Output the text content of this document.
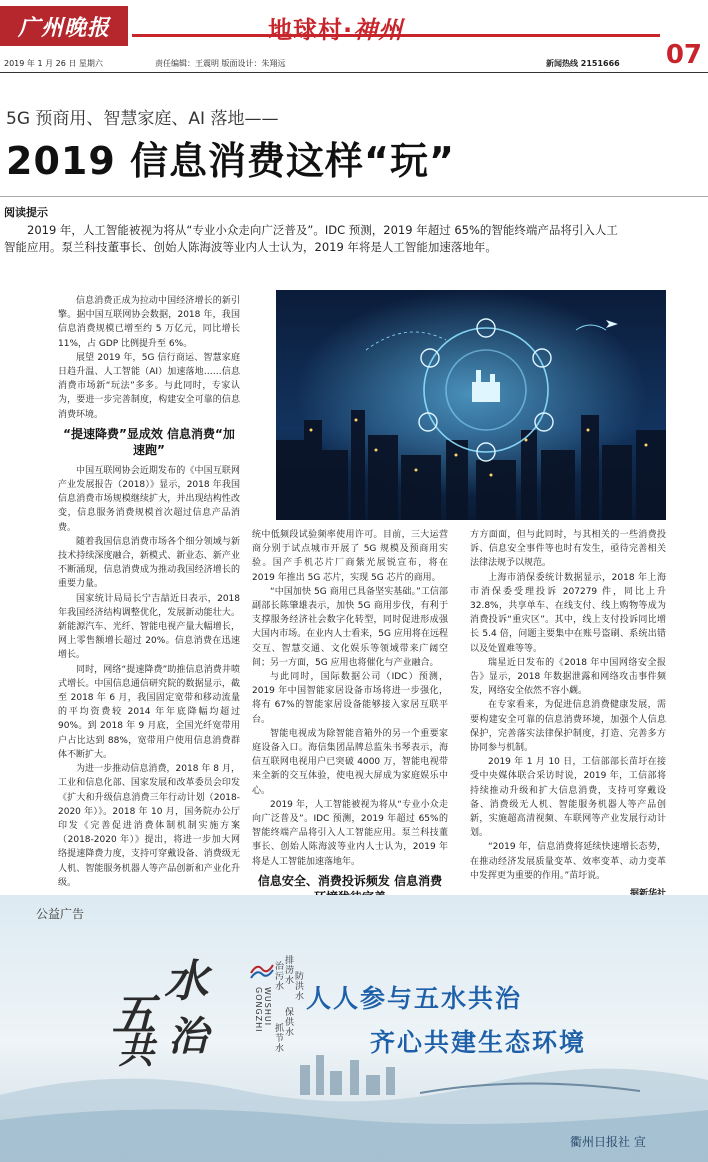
广州晚报	地球村·神州
07
2019 年 1 月 26 日 星期六	责任编辑：王震明 版面设计：朱翔远	新闻热线 2151666
5G 预商用、智慧家庭、AI 落地——
2019 信息消费这样“玩”
阅读提示
2019 年，人工智能被视为将从“专业小众走向广泛普及”。IDC 预测，2019 年超过 65%的智能终端产品将引入人工智能应用。泵兰科技董事长、创始人陈海波等业内人士认为，2019 年将是人工智能加速落地年。

信息消费正成为拉动中国经济增长的新引擎。据中国互联网协会数据，2018 年，我国信息消费规模已增至约 5 万亿元，同比增长 11%，占 GDP 比例提升至 6%。

展望 2019 年，5G 信行商运、智慧家庭日趋升温、人工智能（AI）加速落地……信息消费市场新“玩法”多多。与此同时，专家认为，要进一步完善制度，构建安全可靠的信息消费环境。

“提速降费”显成效 信息消费“加速跑”

中国互联网协会近期发布的《中国互联网产业发展报告（2018）》显示，2018 年我国信息消费市场规模继续扩大，并出现结构性改变，信息服务消费规模首次超过信息产品消费。

随着我国信息消费市场各个细分领域与新技术持续深度融合，新模式、新业态、新产业不断涌现，信息消费成为推动我国经济增长的重要力量。

国家统计局局长宁吉喆近日表示，2018 年我国经济结构调整优化，发展新动能壮大。新能源汽车、光纤、智能电视产量大幅增长，网上零售额增长超过 20%。信息消费在迅速增长。

同时，网络“提速降费”助推信息消费井喷式增长。中国信息通信研究院的数据显示，截至 2018 年 6 月，我国固定宽带和移动流量的平均资费较 2014 年年底降幅均超过 90%。到 2018 年 9 月底，全国光纤宽带用户占比达到 88%，宽带用户使用信息消费群体不断扩大。

为进一步推动信息消费，2018 年 8 月，工业和信息化部、国家发展和改革委员会印发《扩大和升级信息消费三年行动计划（2018-2020 年）》。2018 年 10 月，国务院办公厅印发《完善促进消费体制机制实施方案（2018-2020 年）》提出，将进一步加大网络提速降费力度，支持可穿戴设备、消费级无人机、智能服务机器人等产品创新和产业化升级。

统中低频段试验频率使用许可。目前，三大运营商分别于试点城市开展了 5G 规模及预商用实验。国产手机芯片厂商紫光展锐宣布，将在 2019 年推出 5G 芯片，实现 5G 芯片的商用。

“中国加快 5G 商用已具备坚实基础。”工信部副部长陈肇雄表示，加快 5G 商用步伐，有利于支撑服务经济社会数字化转型，同时促进形成强大国内市场。在业内人士看来，5G 应用将在远程交互、智慧交通、文化娱乐等领域带来广阔空间；另一方面，5G 应用也将催化与产业融合。

与此同时，国际数据公司（IDC）预测，2019 年中国智能家居设备市场将进一步强化，将有 67%的智能家居设备能够接入家居互联平台。

智能电视成为除智能音箱外的另一个重要家庭设备入口。海信集团品牌总监朱书琴表示，海信互联网电视用户已突破 4000 万，智能电视带来全新的交互体验，使电视大屏成为家庭娱乐中心。

2019 年，人工智能被视为将从“专业小众走向广泛普及”。IDC 预测，2019 年超过 65%的智能终端产品将引入人工智能应用。泵兰科技董事长、创始人陈海波等业内人士认为，2019 年将是人工智能加速落地年。

信息安全、消费投诉频发 信息消费

方方面面，但与此同时，与其相关的一些消费投诉、信息安全事件等也时有发生，亟待完善相关法律法规予以规范。

上海市消保委统计数据显示，2018 年上海市消保委受理投诉 207279 件，同比上升 32.8%，共享单车、在线支付、线上购物等成为消费投诉“重灾区”。其中，线上支付投诉同比增长 5.4 倍，问题主要集中在账号盗刷、系统出错以及处置难等等。

瑞星近日发布的《2018 年中国网络安全报告》显示，2018 年数据泄露和网络攻击事件频发，网络安全依然不容小觑。

在专家看来，为促进信息消费健康发展，需要构建安全可靠的信息消费环境，加强个人信息保护，完善落实法律保护制度，打造、完善多方协同参与机制。

2019 年 1 月 10 日，工信部部长苗圩在接受中央媒体联合采访时说，2019 年，工信部将持续推动升级和扩大信息消费，支持可穿戴设备、消费级无人机、智能服务机器人等产品创新，实施超高清视频、车联网等产业发展行动计划。

“2019 年，信息消费将延续快速增长态势，在推动经济发展质量变革、效率变革、动力变革中发挥更为重要的作用。”苗圩说。

公益广告
五
水
共 治
WUSHUI GONGZHI
排涝水
治污水 防洪水
保供水
抓节水
人人参与五水共治
齐心共建生态环境
衢州日报社 宣
